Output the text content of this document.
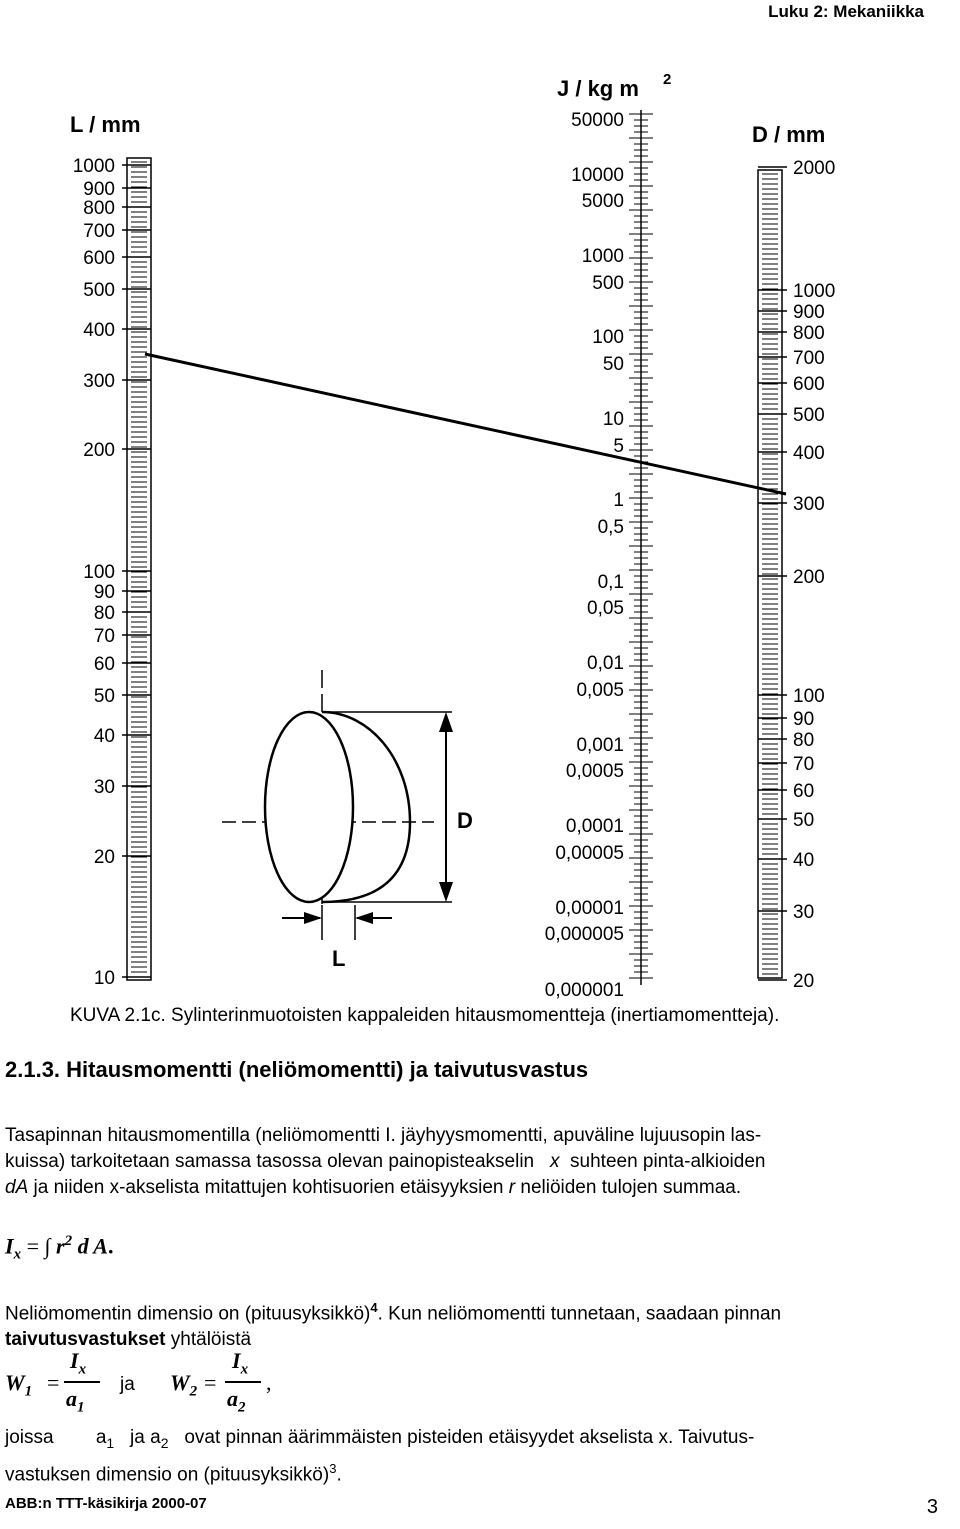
Luku 2: Mekaniikka
L / mm
1000
900
800
700
600
500
400
300
200
100
90
80
70
60
50
40
30
20
10
J / kg m 2
50000
10000
5000
1000
500
100
50
10
5
1
0,5
0,1
0,05
0,01
0,005
0,001
0,0005
0,0001
0,00005
0,00001
0,000005
0,000001
D / mm
2000
1000
900
800
700
600
500
400
300
200
100
90
80
70
60
50
40
30
20
D
L
KUVA 2.1c. Sylinterinmuotoisten kappaleiden hitausmomentteja (inertiamomentteja).
2.1.3. Hitausmomentti (neliömomentti) ja taivutusvastus
Tasapinnan hitausmomentilla (neliömomentti I. jäyhyysmomentti, apuväline lujuusopin las-
kuissa) tarkoitetaan samassa tasossa olevan painopisteakselin x suhteen pinta-alkioiden
dA ja niiden x-akselista mitattujen kohtisuorien etäisyyksien r neliöiden tulojen summaa.
$I_x$ = ∫ $r^2$ d A.
Neliömomentin dimensio on (pituusyksikkö)$^4$. Kun neliömomentti tunnetaan, saadaan pinnan
taivutusvastukset yhtälöistä
$W_1$ =
$I_x$
$a_1$
ja $W_2$ =
$I_x$
$a_2$
,
joissa $a_1$ ja $a_2$ ovat pinnan äärimmäisten pisteiden etäisyydet akselista x. Taivutus-
vastuksen dimensio on (pituusyksikkö)$^3$.
ABB:n TTT-käsikirja 2000-07	3
